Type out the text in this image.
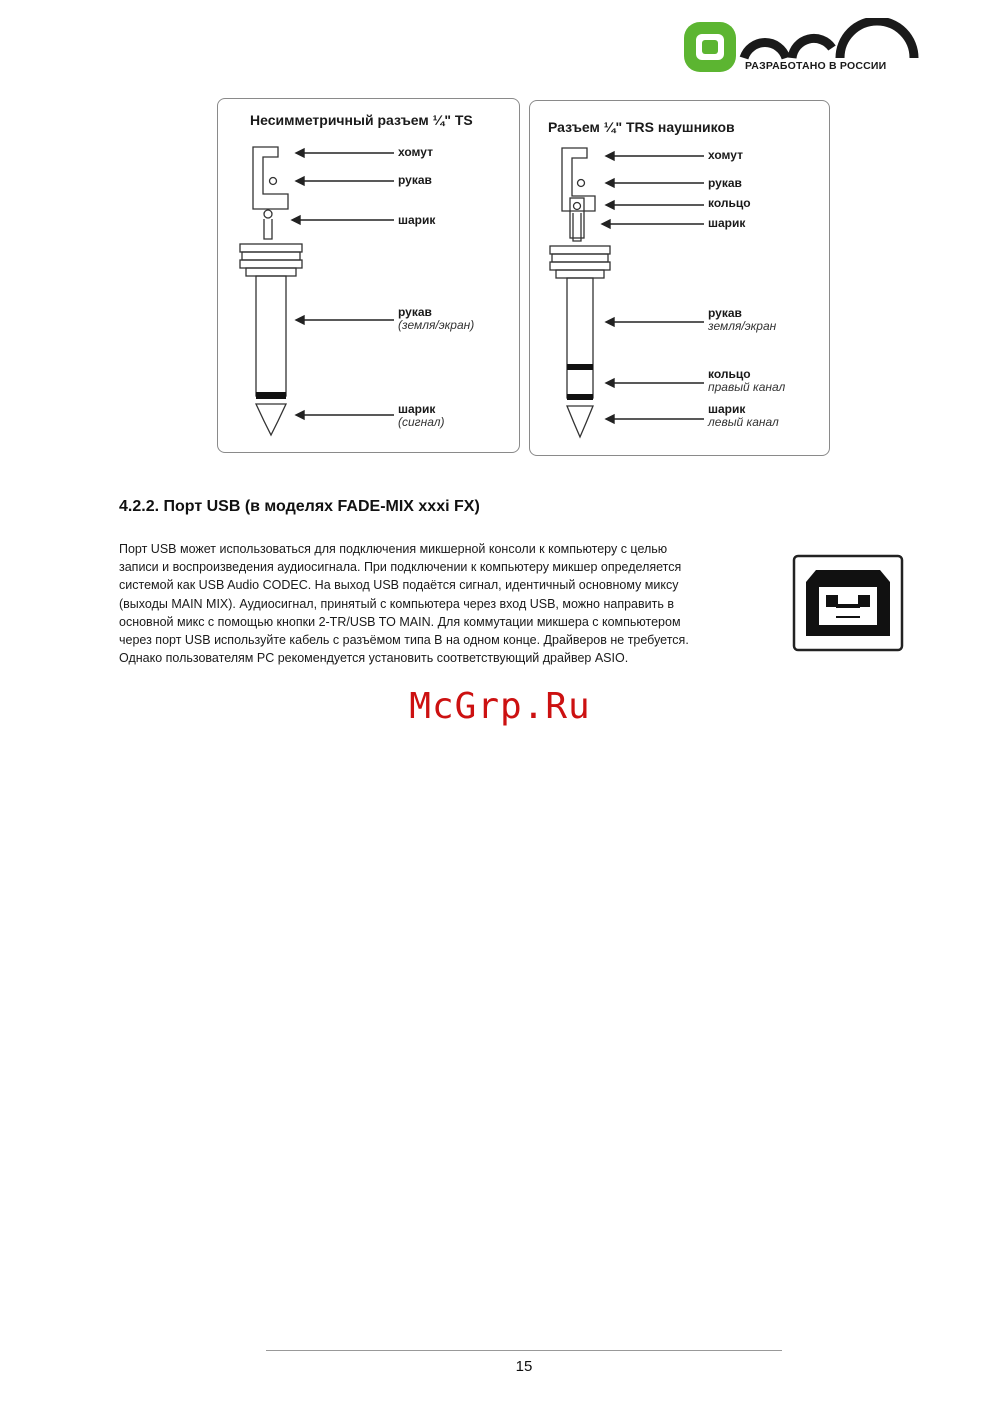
РАЗРАБОТАНО В РОССИИ
Несимметричный разъем ¼" TS
хомут
рукав
шарик
рукав
(земля/экран)
шарик
(сигнал)
Разъем ¼" TRS наушников
хомут
рукав
кольцо
шарик
рукав
земля/экран
кольцо
правый канал
шарик
левый канал
4.2.2. Порт USB (в моделях FADE-MIX xxxi FX)
Порт USB может использоваться для подключения микшерной консоли к компьютеру с целью
записи и воспроизведения аудиосигнала. При подключении к компьютеру микшер определяется
системой как USB Audio CODEC. На выход USB подаётся сигнал, идентичный основному миксу
(выходы MAIN MIX). Аудиосигнал, принятый с компьютера через вход USB, можно направить в
основной микс с помощью кнопки 2-TR/USB TO MAIN. Для коммутации микшера с компьютером
через порт USB используйте кабель с разъёмом типа B на одном конце. Драйверов не требуется.
Однако пользователям PC рекомендуется установить соответствующий драйвер ASIO.
McGrp.Ru
15
